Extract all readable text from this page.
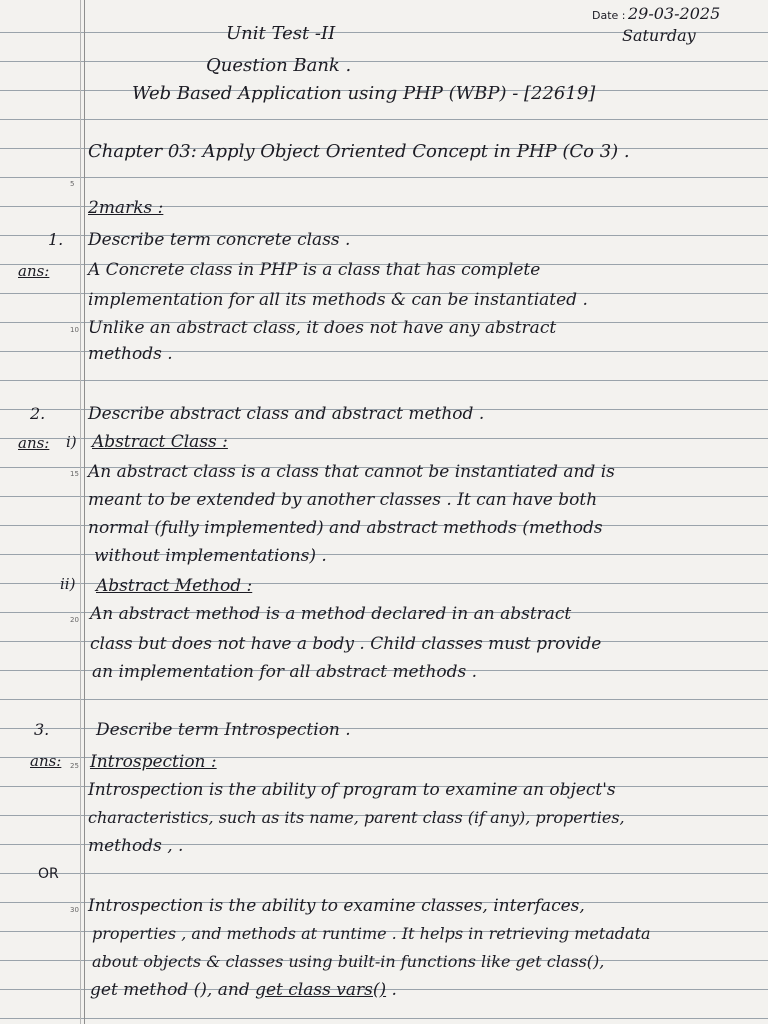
Date : 29-03-2025
Saturday
Unit Test -II
Question Bank .
Web Based Application using PHP (WBP) - [22619]
Chapter 03: Apply Object Oriented Concept in PHP (Co 3) .
5
10
15
20
25
30
2marks :
1. Describe term concrete class .
ans: A Concrete class in PHP is a class that has complete
implementation for all its methods & can be instantiated .
Unlike an abstract class, it does not have any abstract
methods .
2.	Describe abstract class and abstract method .
ans: i) Abstract Class :
An abstract class is a class that cannot be instantiated and is
meant to be extended by another classes . It can have both
normal (fully implemented) and abstract methods (methods
without implementations) .
ii) Abstract Method :
An abstract method is a method declared in an abstract
class but does not have a body . Child classes must provide
an implementation for all abstract methods .
3.	Describe term Introspection .
ans: Introspection :
Introspection is the ability of program to examine an object's
characteristics, such as its name, parent class (if any), properties,
methods , .
OR
Introspection is the ability to examine classes, interfaces,
properties , and methods at runtime . It helps in retrieving metadata
about objects & classes using built-in functions like get class(),
get method (), and get class vars() .
